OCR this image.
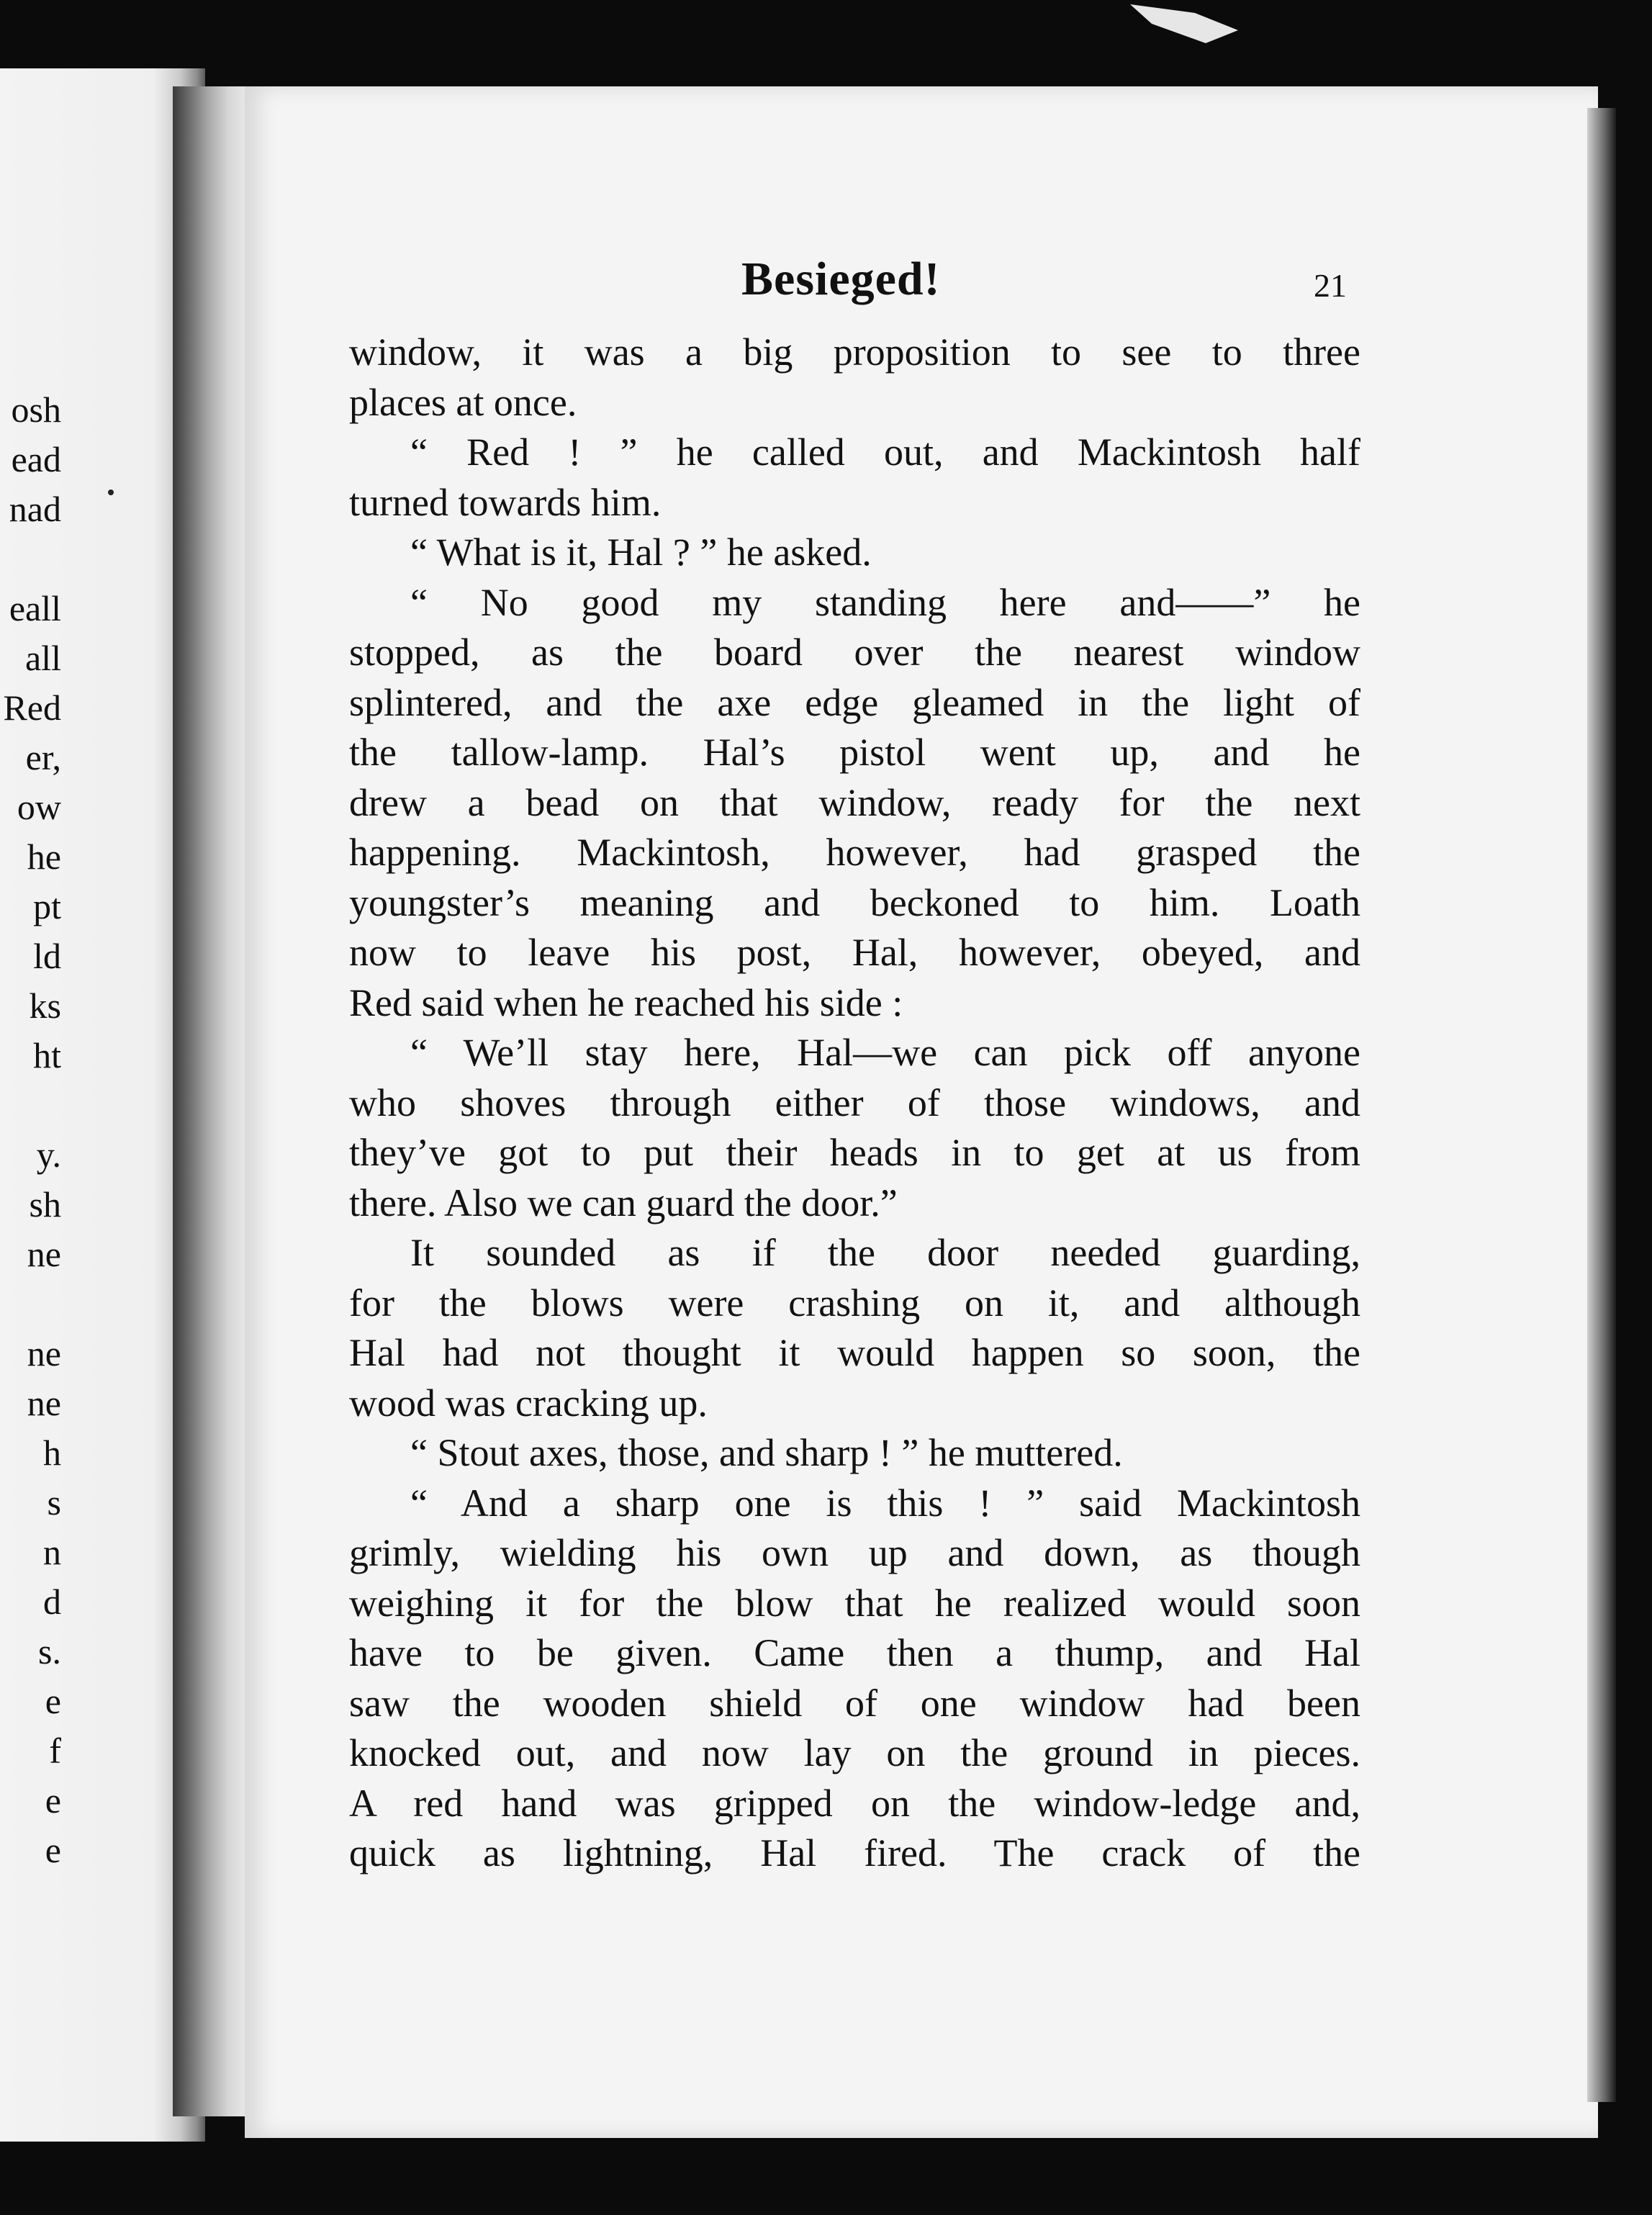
osh
ead
nad
eall
all
Red
er,
ow
he
pt
ld
ks
ht
y.
sh
ne
ne
ne
h
s
n
d
s.
e
f
e
e
Besieged!	21
window, it was a big proposition to see to three
places at once.
“ Red ! ” he called out, and Mackintosh half
turned towards him.
“ What is it, Hal ? ” he asked.
“ No good my standing here and——” he
stopped, as the board over the nearest window
splintered, and the axe edge gleamed in the light of
the tallow-lamp. Hal’s pistol went up, and he
drew a bead on that window, ready for the next
happening. Mackintosh, however, had grasped the
youngster’s meaning and beckoned to him. Loath
now to leave his post, Hal, however, obeyed, and
Red said when he reached his side :
“ We’ll stay here, Hal—we can pick off anyone
who shoves through either of those windows, and
they’ve got to put their heads in to get at us from
there. Also we can guard the door.”
It sounded as if the door needed guarding,
for the blows were crashing on it, and although
Hal had not thought it would happen so soon, the
wood was cracking up.
“ Stout axes, those, and sharp ! ” he muttered.
“ And a sharp one is this ! ” said Mackintosh
grimly, wielding his own up and down, as though
weighing it for the blow that he realized would soon
have to be given. Came then a thump, and Hal
saw the wooden shield of one window had been
knocked out, and now lay on the ground in pieces.
A red hand was gripped on the window-ledge and,
quick as lightning, Hal fired. The crack of the
